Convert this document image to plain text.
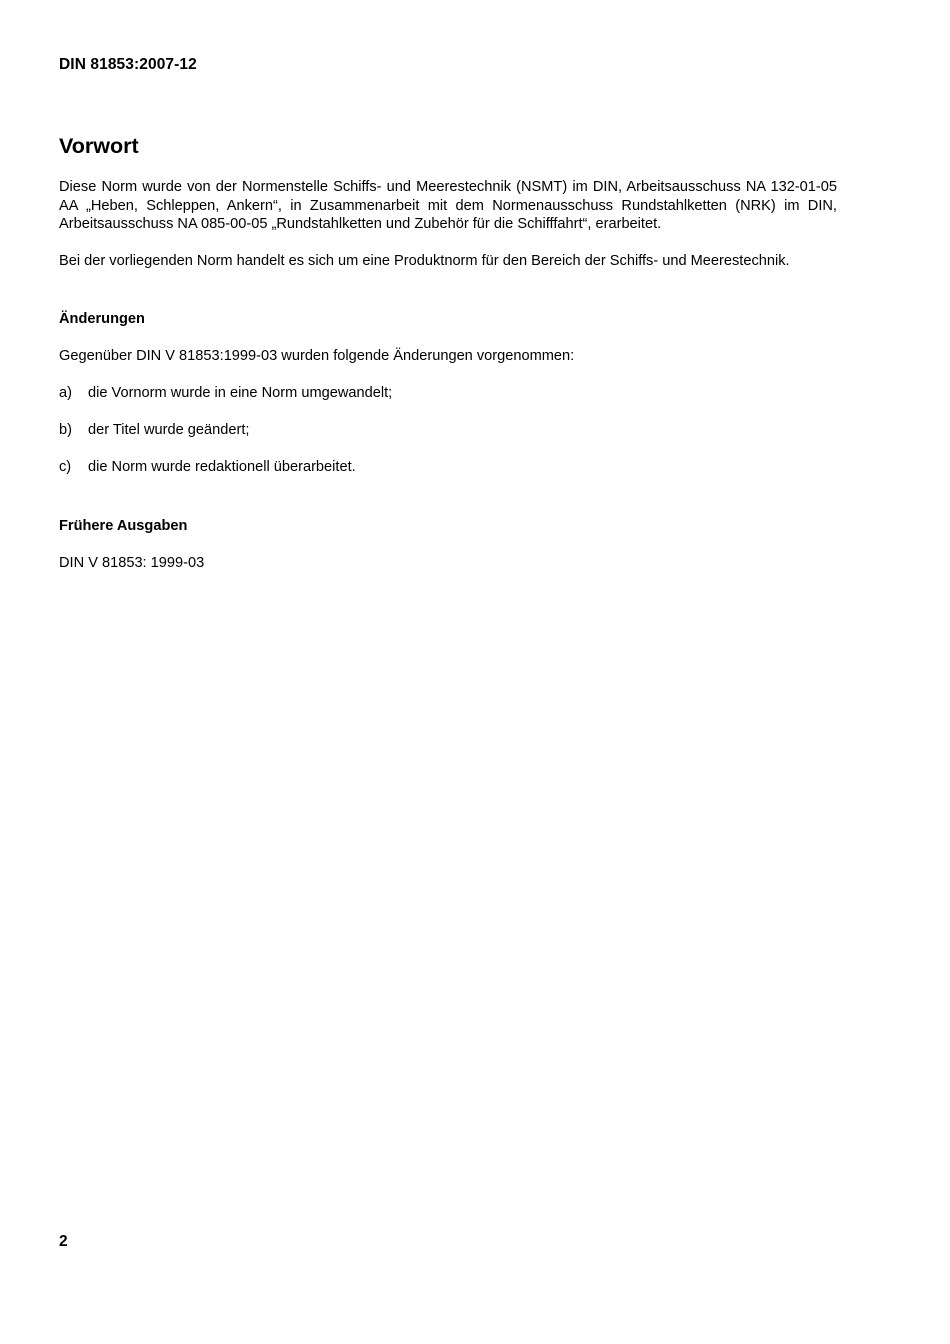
DIN 81853:2007-12
Vorwort

Diese Norm wurde von der Normenstelle Schiffs- und Meerestechnik (NSMT) im DIN, Arbeitsausschuss NA 132-01-05 AA „Heben, Schleppen, Ankern“, in Zusammenarbeit mit dem Normenausschuss Rundstahlketten (NRK) im DIN, Arbeitsausschuss NA 085-00-05 „Rundstahlketten und Zubehör für die Schifffahrt“, erarbeitet.

Bei der vorliegenden Norm handelt es sich um eine Produktnorm für den Bereich der Schiffs- und Meerestechnik.

Änderungen

Gegenüber DIN V 81853:1999-03 wurden folgende Änderungen vorgenommen:

a)	die Vornorm wurde in eine Norm umgewandelt;
b)	der Titel wurde geändert;
c)	die Norm wurde redaktionell überarbeitet.
Frühere Ausgaben

DIN V 81853: 1999-03

2
